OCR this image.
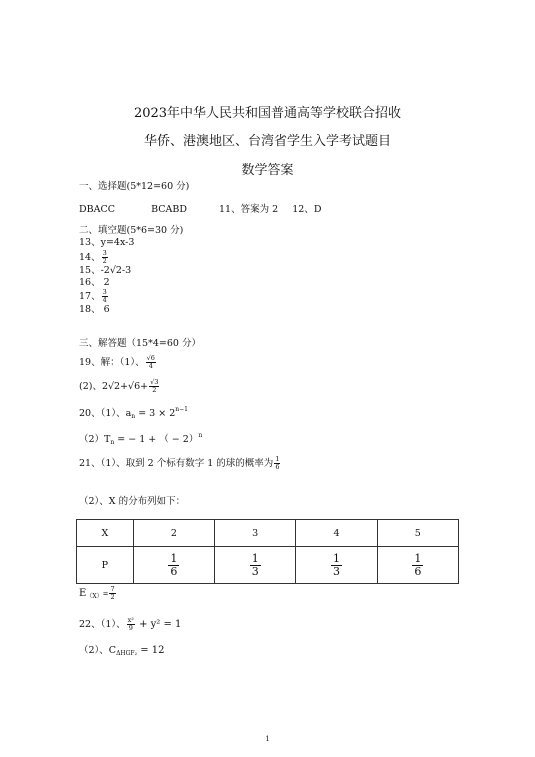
2023年中华人民共和国普通高等学校联合招收
华侨、港澳地区、台湾省学生入学考试题目
数学答案
一、选择题(5*12=60 分)
DBACC	BCABD	11、答案为 2 12、D
二、填空题(5*6=30 分)
13、y=4x-3
14、 $\frac{3}{2}$
15、-2√2-3
16、 2
17、 $\frac{3}{4}$
18、 6
三、解答题（15*4=60 分）
19、解：（1）、 $\frac{√6}{4}$
(2)、$2√2+√6+ \frac{√3}{2}$
20、（1）、$a_n = 3 \times 2^{n-1}$
$(2)T_n$ = − 1 + （ − 2）$^n$
21、（1）、取到 2 个标有数字 1 的球的概率为 $\frac{1}{6}$
（2）、X 的分布列如下：
X	2	3	4	5
P	$\frac{1}{6}$	$\frac{1}{3}$	$\frac{1}{3}$	$\frac{1}{6}$
$E_{(X)}= \frac{7}{2}$
22、（1）、 $\frac{\text{x²}}{9} + y^2 = 1$
（2）、$C_{\Delta HGF_2} = 12$
1
